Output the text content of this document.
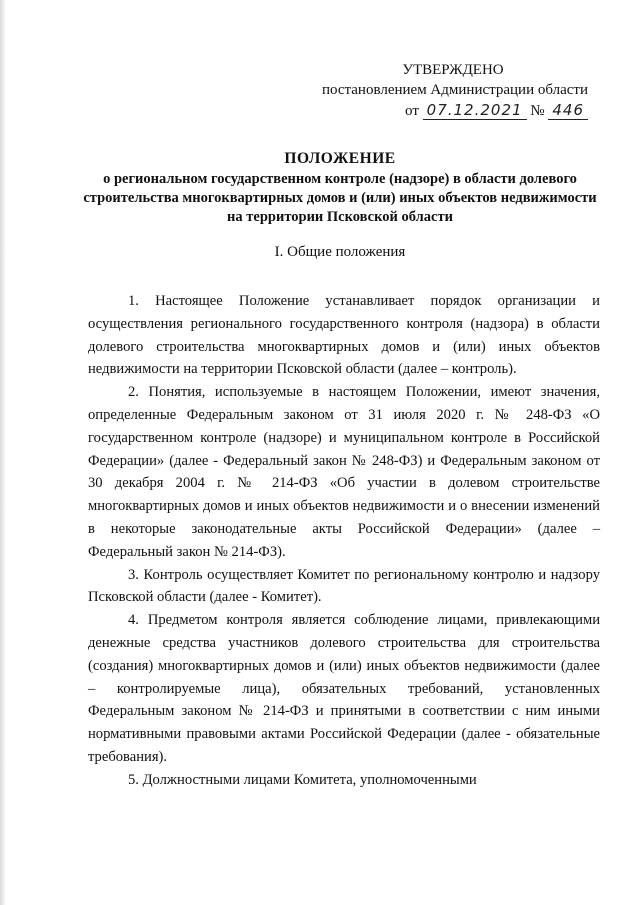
УТВЕРЖДЕНО
постановлением Администрации области
от 07.12.2021 № 446
ПОЛОЖЕНИЕ
о региональном государственном контроле (надзоре) в области долевого строительства многоквартирных домов и (или) иных объектов недвижимости на территории Псковской области
I. Общие положения

1. Настоящее Положение устанавливает порядок организации и осуществления регионального государственного контроля (надзора) в области долевого строительства многоквартирных домов и (или) иных объектов недвижимости на территории Псковской области (далее – контроль).

2. Понятия, используемые в настоящем Положении, имеют значения, определенные Федеральным законом от 31 июля 2020 г. № 248-ФЗ «О государственном контроле (надзоре) и муниципальном контроле в Российской Федерации» (далее - Федеральный закон № 248-ФЗ) и Федеральным законом от 30 декабря 2004 г. № 214-ФЗ «Об участии в долевом строительстве многоквартирных домов и иных объектов недвижимости и о внесении изменений в некоторые законодательные акты Российской Федерации» (далее – Федеральный закон № 214-ФЗ).

3. Контроль осуществляет Комитет по региональному контролю и надзору Псковской области (далее - Комитет).

4. Предметом контроля является соблюдение лицами, привлекающими денежные средства участников долевого строительства для строительства (создания) многоквартирных домов и (или) иных объектов недвижимости (далее – контролируемые лица), обязательных требований, установленных Федеральным законом № 214-ФЗ и принятыми в соответствии с ним иными нормативными правовыми актами Российской Федерации (далее - обязательные требования).

5. Должностными лицами Комитета, уполномоченными
